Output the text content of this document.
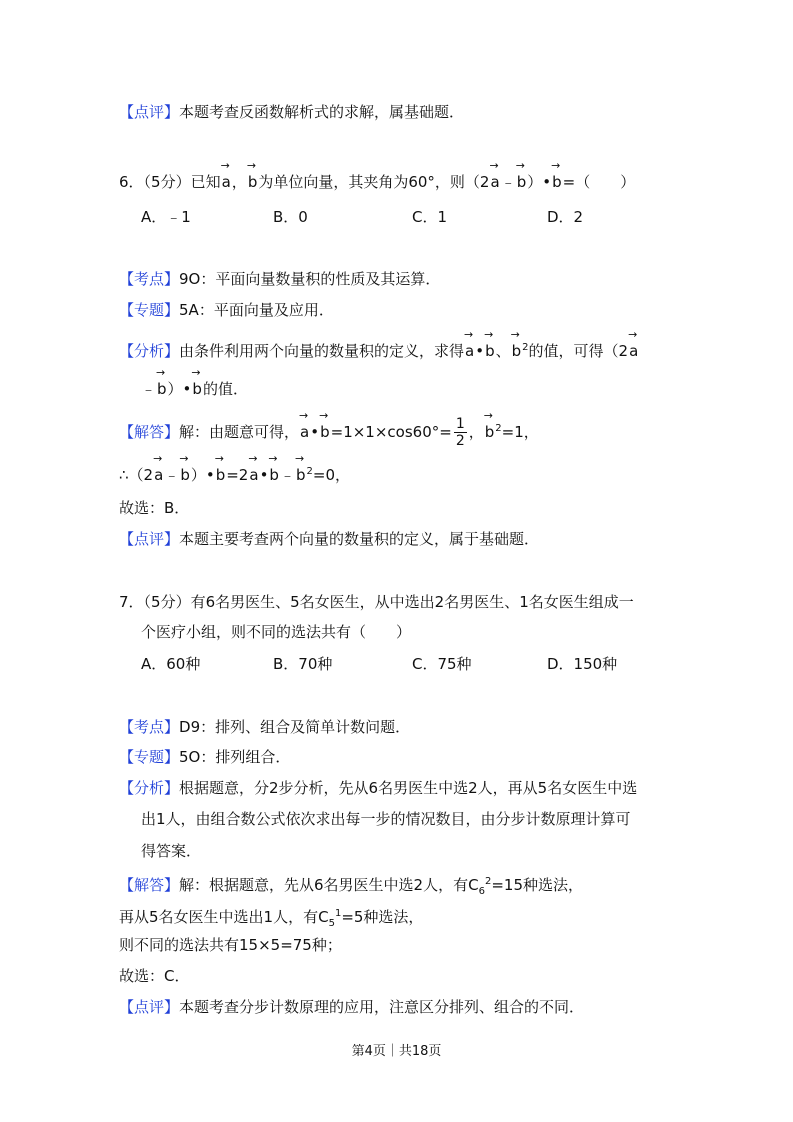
【点评】本题考查反函数解析式的求解，属基础题．
6．（5分）已知→ a，→ b为单位向量，其夹角为60°，则（2→ a﹣→ b）•→ b=（　　）
A．﹣1	B．0	C．1	D．2
【考点】9O：平面向量数量积的性质及其运算．
【专题】5A：平面向量及应用．
【分析】由条件利用两个向量的数量积的定义，求得→ a•→ b、→ $b^2$的值，可得（2→ a
﹣→ b）•→ b的值．
【解答】解：由题意可得，→ a•→ $b=1\times 1\times\cos 60^\circ= \frac{1}{2}$ ，→ $b^2=1$，
∴（2→ a﹣→ b）•→ b=2→ a•→ b﹣→ $b^2=0$，
故选：B．
【点评】本题主要考查两个向量的数量积的定义，属于基础题．
7．（5分）有6名男医生、5名女医生，从中选出2名男医生、1名女医生组成一
个医疗小组，则不同的选法共有（　　）
A．60种	B．70种	C．75种	D．150种
【考点】D9：排列、组合及简单计数问题．
【专题】5O：排列组合．
【分析】根据题意，分2步分析，先从6名男医生中选2人，再从5名女医生中选
出1人，由组合数公式依次求出每一步的情况数目，由分步计数原理计算可
得答案．
【解答】解：根据题意，先从6名男医生中选2人，有$C_6^2=15$种选法，
再从5名女医生中选出1人，有$C_5^1=5$种选法，
则不同的选法共有15×5=75种；
故选：C．
【点评】本题考查分步计数原理的应用，注意区分排列、组合的不同．
第4页｜共18页
